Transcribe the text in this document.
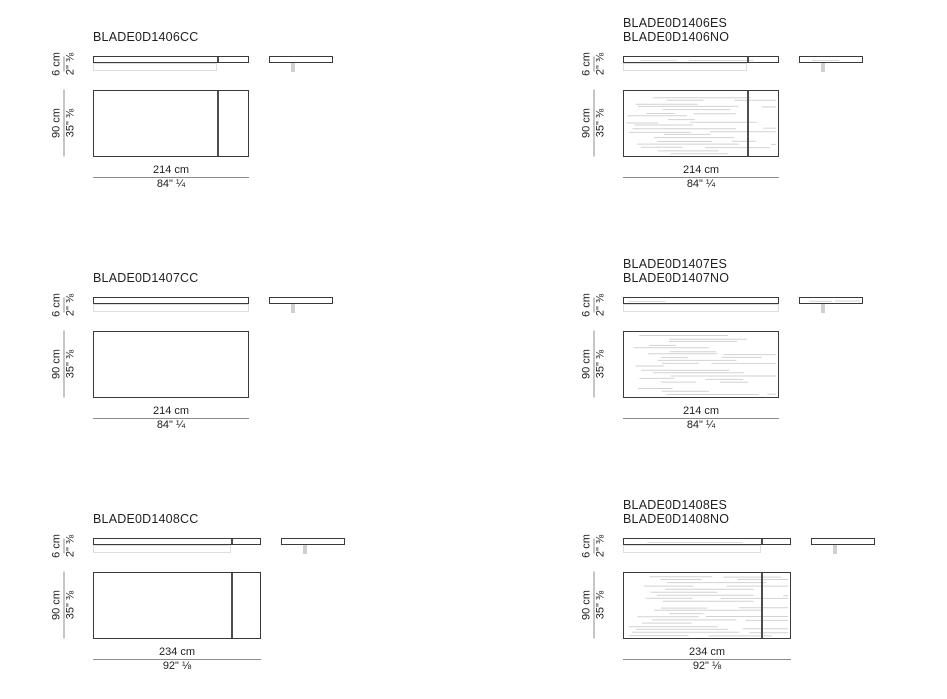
BLADE0D1406CC
6 cm 2" ⅜
90 cm 35" ⅜
214 cm
84" ¼
BLADE0D1406ES
BLADE0D1406NO
6 cm 2" ⅜
90 cm 35" ⅜
214 cm
84" ¼
BLADE0D1407CC
6 cm 2" ⅜
90 cm 35" ⅜
214 cm
84" ¼
BLADE0D1407ES
BLADE0D1407NO
6 cm 2" ⅜
90 cm 35" ⅜
214 cm
84" ¼
BLADE0D1408CC
6 cm 2" ⅜
90 cm 35" ⅜
234 cm
92" ⅛
BLADE0D1408ES
BLADE0D1408NO
6 cm 2" ⅜
90 cm 35" ⅜
234 cm
92" ⅛
